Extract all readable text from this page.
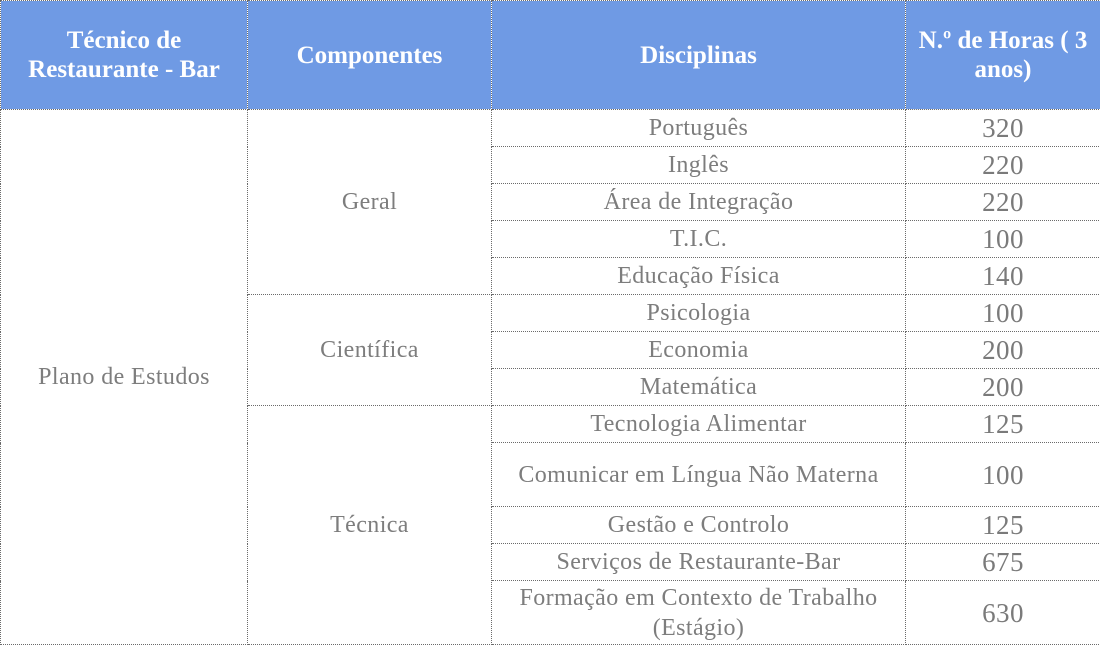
Técnico de Restaurante - Bar	Componentes	Disciplinas	N.º de Horas ( 3 anos)
Plano de Estudos	Geral	Português	320
		Inglês	220
		Área de Integração	220
		T.I.C.	100
		Educação Física	140
	Científica	Psicologia	100
		Economia	200
		Matemática	200
	Técnica	Tecnologia Alimentar	125
		Comunicar em Língua Não Materna	100
		Gestão e Controlo	125
		Serviços de Restaurante-Bar	675
		Formação em Contexto de Trabalho (Estágio)	630
